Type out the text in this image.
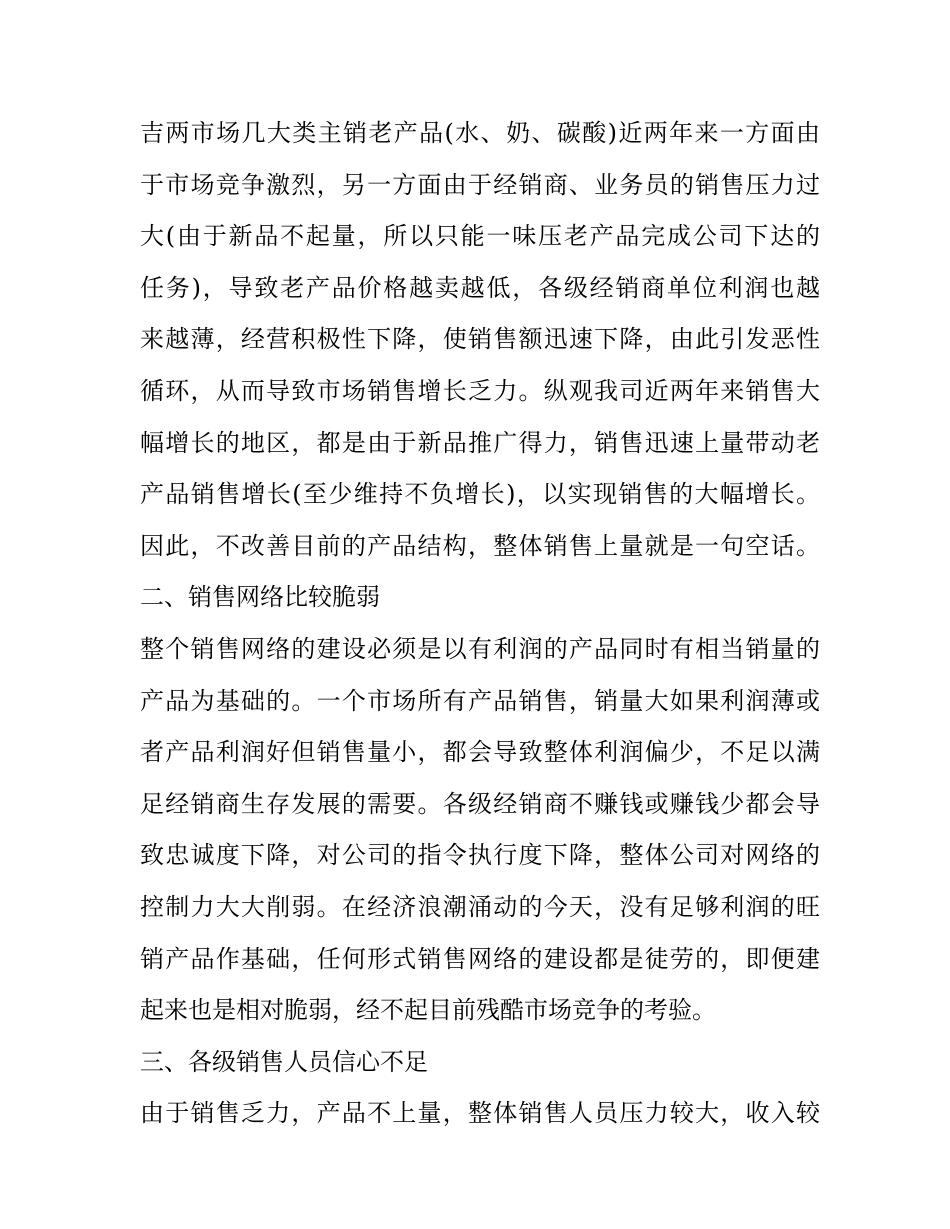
吉两市场几大类主销老产品(水、奶、碳酸)近两年来一方面由
于市场竞争激烈，另一方面由于经销商、业务员的销售压力过
大(由于新品不起量，所以只能一味压老产品完成公司下达的
任务)，导致老产品价格越卖越低，各级经销商单位利润也越
来越薄，经营积极性下降，使销售额迅速下降，由此引发恶性
循环，从而导致市场销售增长乏力。纵观我司近两年来销售大
幅增长的地区，都是由于新品推广得力，销售迅速上量带动老
产品销售增长(至少维持不负增长)，以实现销售的大幅增长。
因此，不改善目前的产品结构，整体销售上量就是一句空话。
二、销售网络比较脆弱
整个销售网络的建设必须是以有利润的产品同时有相当销量的
产品为基础的。一个市场所有产品销售，销量大如果利润薄或
者产品利润好但销售量小，都会导致整体利润偏少，不足以满
足经销商生存发展的需要。各级经销商不赚钱或赚钱少都会导
致忠诚度下降，对公司的指令执行度下降，整体公司对网络的
控制力大大削弱。在经济浪潮涌动的今天，没有足够利润的旺
销产品作基础，任何形式销售网络的建设都是徒劳的，即便建
起来也是相对脆弱，经不起目前残酷市场竞争的考验。
三、各级销售人员信心不足
由于销售乏力，产品不上量，整体销售人员压力较大，收入较
